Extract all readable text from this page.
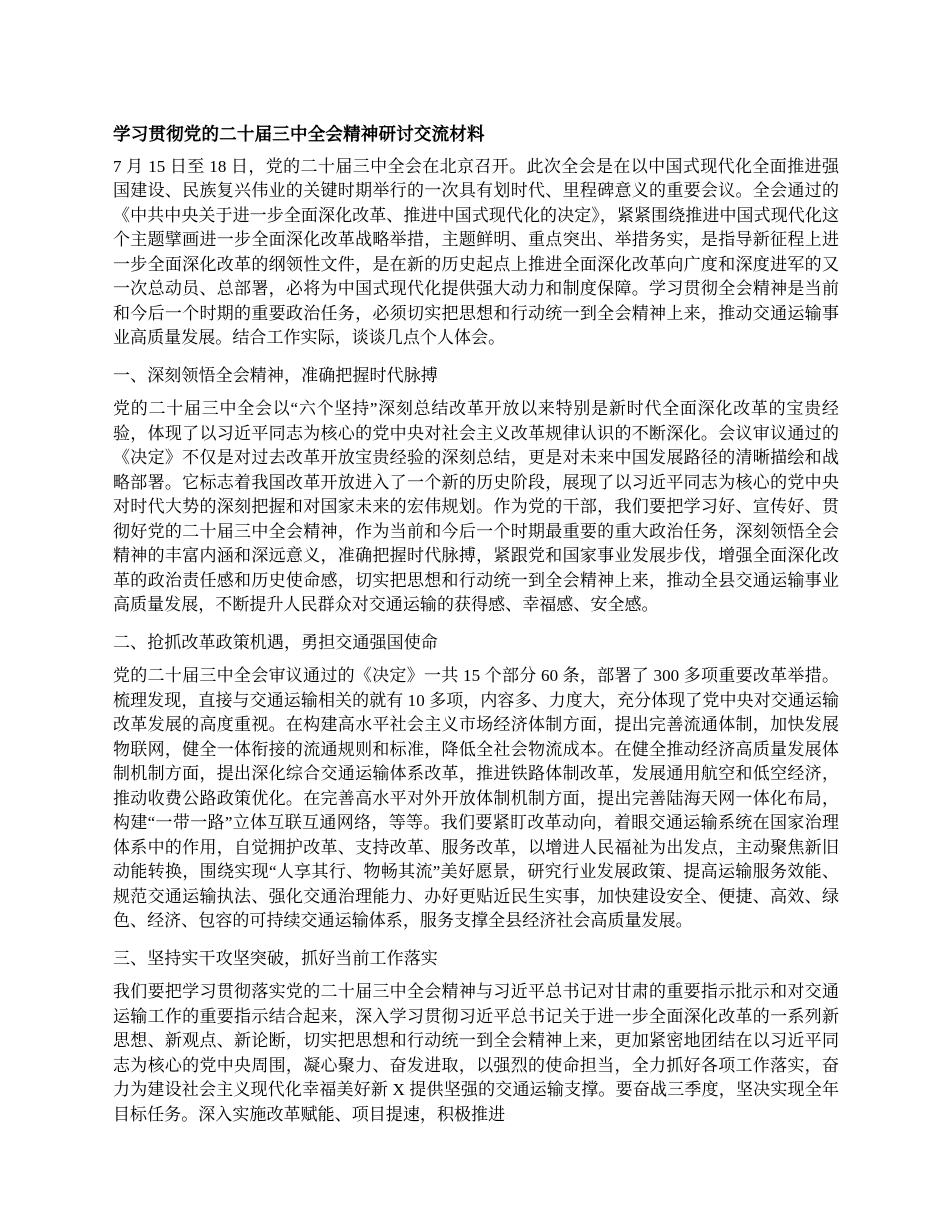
学习贯彻党的二十届三中全会精神研讨交流材料

7 月 15 日至 18 日，党的二十届三中全会在北京召开。此次全会是在以中国式现代化全面推进强国建设、民族复兴伟业的关键时期举行的一次具有划时代、里程碑意义的重要会议。全会通过的《中共中央关于进一步全面深化改革、推进中国式现代化的决定》，紧紧围绕推进中国式现代化这个主题擘画进一步全面深化改革战略举措，主题鲜明、重点突出、举措务实，是指导新征程上进一步全面深化改革的纲领性文件，是在新的历史起点上推进全面深化改革向广度和深度进军的又一次总动员、总部署，必将为中国式现代化提供强大动力和制度保障。学习贯彻全会精神是当前和今后一个时期的重要政治任务，必须切实把思想和行动统一到全会精神上来，推动交通运输事业高质量发展。结合工作实际，谈谈几点个人体会。

一、深刻领悟全会精神，准确把握时代脉搏

党的二十届三中全会以“六个坚持”深刻总结改革开放以来特别是新时代全面深化改革的宝贵经验，体现了以习近平同志为核心的党中央对社会主义改革规律认识的不断深化。会议审议通过的《决定》不仅是对过去改革开放宝贵经验的深刻总结，更是对未来中国发展路径的清晰描绘和战略部署。它标志着我国改革开放进入了一个新的历史阶段，展现了以习近平同志为核心的党中央对时代大势的深刻把握和对国家未来的宏伟规划。作为党的干部，我们要把学习好、宣传好、贯彻好党的二十届三中全会精神，作为当前和今后一个时期最重要的重大政治任务，深刻领悟全会精神的丰富内涵和深远意义，准确把握时代脉搏，紧跟党和国家事业发展步伐，增强全面深化改革的政治责任感和历史使命感，切实把思想和行动统一到全会精神上来，推动全县交通运输事业高质量发展，不断提升人民群众对交通运输的获得感、幸福感、安全感。

二、抢抓改革政策机遇，勇担交通强国使命

党的二十届三中全会审议通过的《决定》一共 15 个部分 60 条，部署了 300 多项重要改革举措。梳理发现，直接与交通运输相关的就有 10 多项，内容多、力度大，充分体现了党中央对交通运输改革发展的高度重视。在构建高水平社会主义市场经济体制方面，提出完善流通体制，加快发展物联网，健全一体衔接的流通规则和标准，降低全社会物流成本。在健全推动经济高质量发展体制机制方面，提出深化综合交通运输体系改革，推进铁路体制改革，发展通用航空和低空经济，推动收费公路政策优化。在完善高水平对外开放体制机制方面，提出完善陆海天网一体化布局，构建“一带一路”立体互联互通网络，等等。我们要紧盯改革动向，着眼交通运输系统在国家治理体系中的作用，自觉拥护改革、支持改革、服务改革，以增进人民福祉为出发点，主动聚焦新旧动能转换，围绕实现“人享其行、物畅其流”美好愿景，研究行业发展政策、提高运输服务效能、规范交通运输执法、强化交通治理能力、办好更贴近民生实事，加快建设安全、便捷、高效、绿色、经济、包容的可持续交通运输体系，服务支撑全县经济社会高质量发展。

三、坚持实干攻坚突破，抓好当前工作落实

我们要把学习贯彻落实党的二十届三中全会精神与习近平总书记对甘肃的重要指示批示和对交通运输工作的重要指示结合起来，深入学习贯彻习近平总书记关于进一步全面深化改革的一系列新思想、新观点、新论断，切实把思想和行动统一到全会精神上来，更加紧密地团结在以习近平同志为核心的党中央周围，凝心聚力、奋发进取，以强烈的使命担当，全力抓好各项工作落实，奋力为建设社会主义现代化幸福美好新 X 提供坚强的交通运输支撑。要奋战三季度，坚决实现全年目标任务。深入实施改革赋能、项目提速，积极推进
